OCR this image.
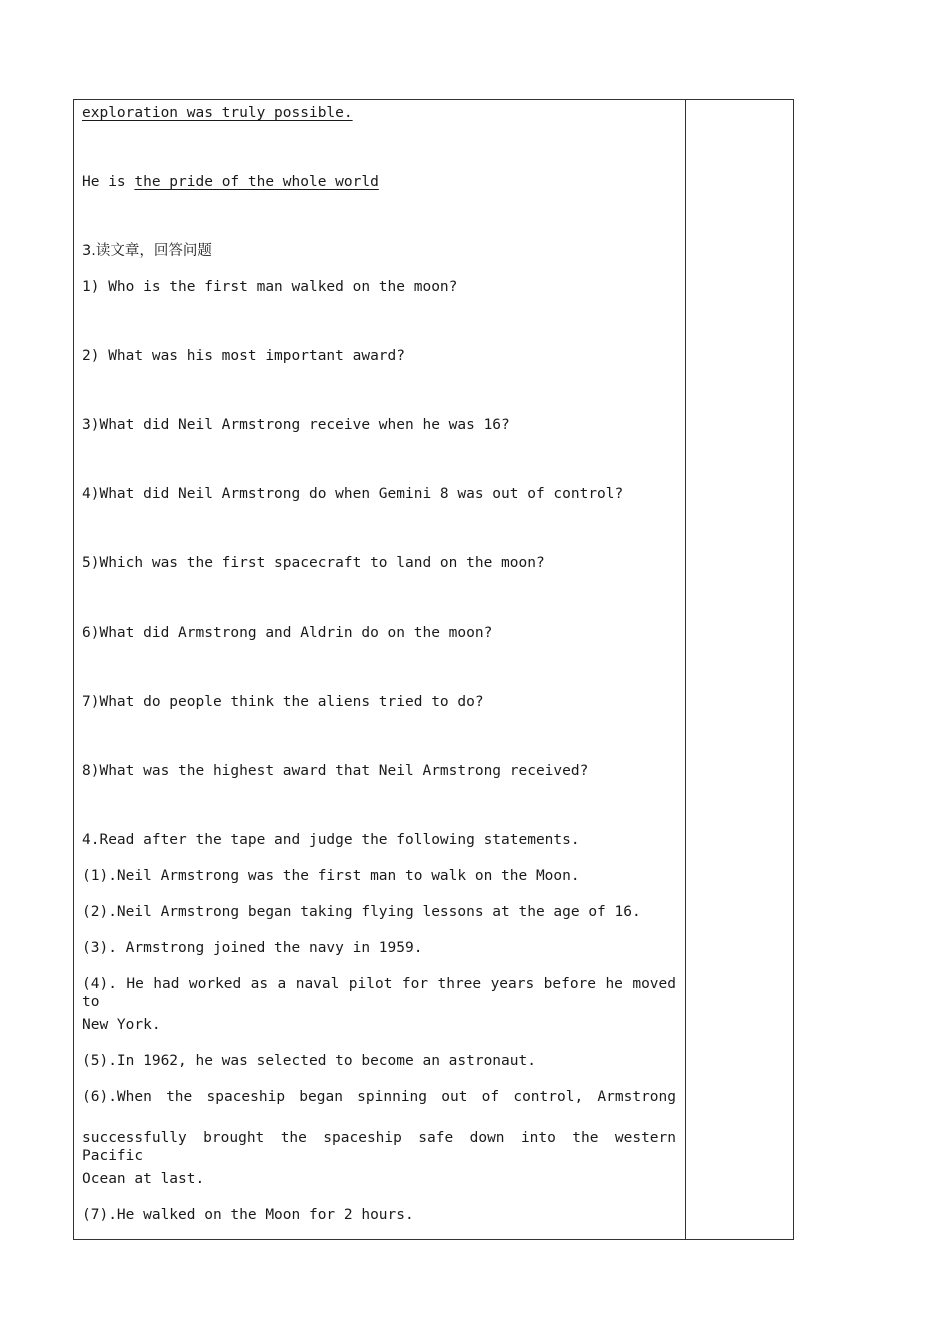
exploration was truly possible.
He is the pride of the whole world
3.读文章，回答问题
1) Who is the first man walked on the moon?
2) What was his most important award?
3)What did Neil Armstrong receive when he was 16?
4)What did Neil Armstrong do when Gemini 8 was out of control?
5)Which was the first spacecraft to land on the moon?
6)What did Armstrong and Aldrin do on the moon?
7)What do people think the aliens tried to do?
8)What was the highest award that Neil Armstrong received?
4.Read after the tape and judge the following statements.
(1).Neil Armstrong was the first man to walk on the Moon.
(2).Neil Armstrong began taking flying lessons at the age of 16.
(3). Armstrong joined the navy in 1959.
(4). He had worked as a naval pilot for three years before he moved to
New York.
(5).In 1962, he was selected to become an astronaut.
(6).When the spaceship began spinning out of control, Armstrong
successfully brought the spaceship safe down into the western Pacific
Ocean at last.
(7).He walked on the Moon for 2 hours.
